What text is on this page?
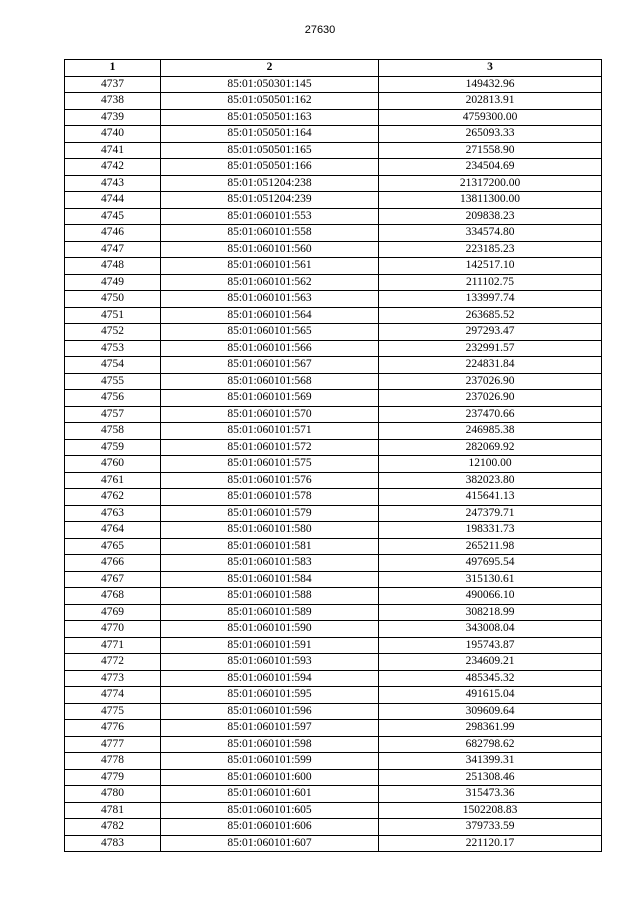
27630
1	2	3
4737	85:01:050301:145	149432.96
4738	85:01:050501:162	202813.91
4739	85:01:050501:163	4759300.00
4740	85:01:050501:164	265093.33
4741	85:01:050501:165	271558.90
4742	85:01:050501:166	234504.69
4743	85:01:051204:238	21317200.00
4744	85:01:051204:239	13811300.00
4745	85:01:060101:553	209838.23
4746	85:01:060101:558	334574.80
4747	85:01:060101:560	223185.23
4748	85:01:060101:561	142517.10
4749	85:01:060101:562	211102.75
4750	85:01:060101:563	133997.74
4751	85:01:060101:564	263685.52
4752	85:01:060101:565	297293.47
4753	85:01:060101:566	232991.57
4754	85:01:060101:567	224831.84
4755	85:01:060101:568	237026.90
4756	85:01:060101:569	237026.90
4757	85:01:060101:570	237470.66
4758	85:01:060101:571	246985.38
4759	85:01:060101:572	282069.92
4760	85:01:060101:575	12100.00
4761	85:01:060101:576	382023.80
4762	85:01:060101:578	415641.13
4763	85:01:060101:579	247379.71
4764	85:01:060101:580	198331.73
4765	85:01:060101:581	265211.98
4766	85:01:060101:583	497695.54
4767	85:01:060101:584	315130.61
4768	85:01:060101:588	490066.10
4769	85:01:060101:589	308218.99
4770	85:01:060101:590	343008.04
4771	85:01:060101:591	195743.87
4772	85:01:060101:593	234609.21
4773	85:01:060101:594	485345.32
4774	85:01:060101:595	491615.04
4775	85:01:060101:596	309609.64
4776	85:01:060101:597	298361.99
4777	85:01:060101:598	682798.62
4778	85:01:060101:599	341399.31
4779	85:01:060101:600	251308.46
4780	85:01:060101:601	315473.36
4781	85:01:060101:605	1502208.83
4782	85:01:060101:606	379733.59
4783	85:01:060101:607	221120.17
